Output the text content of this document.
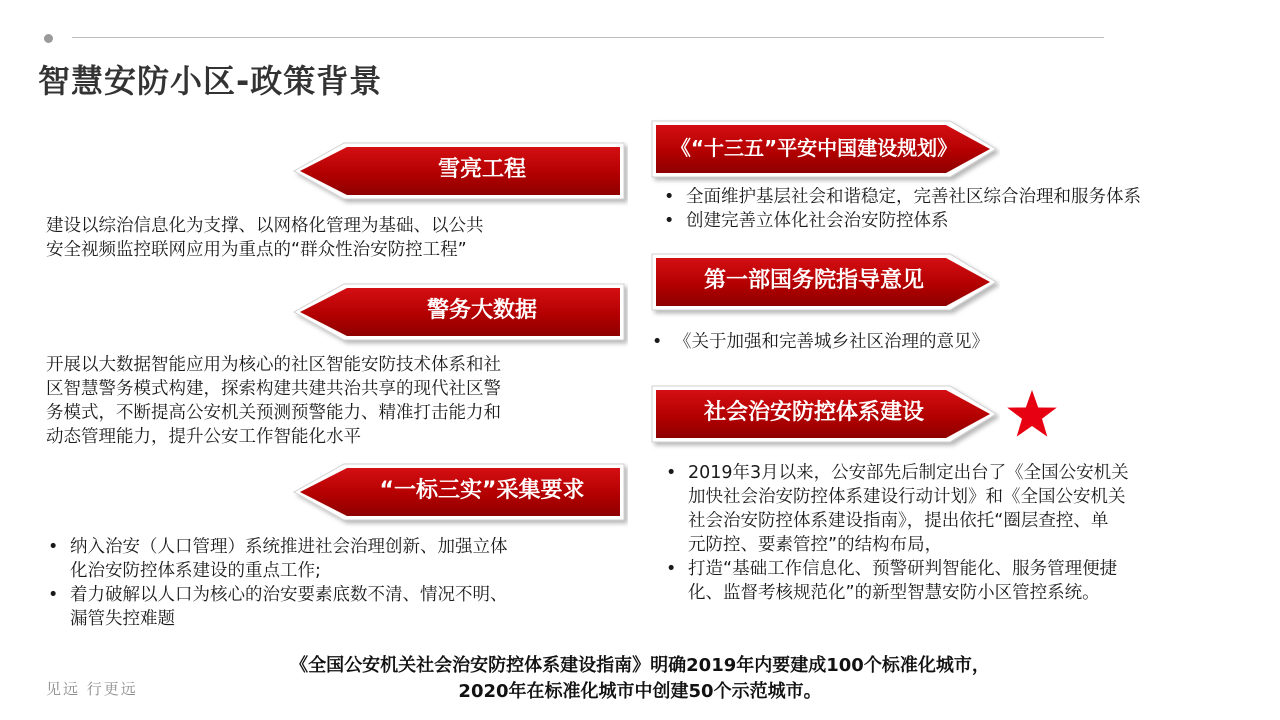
智慧安防小区-政策背景
雪亮工程

建设以综治信息化为支撑、以网格化管理为基础、以公共

安全视频监控联网应用为重点的“群众性治安防控工程”

警务大数据

开展以大数据智能应用为核心的社区智能安防技术体系和社

区智慧警务模式构建，探索构建共建共治共享的现代社区警

务模式，不断提高公安机关预测预警能力、精准打击能力和

动态管理能力，提升公安工作智能化水平

“一标三实”采集要求
• 纳入治安（人口管理）系统推进社会治理创新、加强立体
化治安防控体系建设的重点工作;
• 着力破解以人口为核心的治安要素底数不清、情况不明、
漏管失控难题
《“十三五”平安中国建设规划》
• 全面维护基层社会和谐稳定，完善社区综合治理和服务体系
• 创建完善立体化社会治安防控体系
第一部国务院指导意见
• 《关于加强和完善城乡社区治理的意见》
社会治安防控体系建设
• 2019年3月以来，公安部先后制定出台了《全国公安机关
加快社会治安防控体系建设行动计划》和《全国公安机关
社会治安防控体系建设指南》，提出依托“圈层查控、单
元防控、要素管控”的结构布局，
• 打造“基础工作信息化、预警研判智能化、服务管理便捷
化、监督考核规范化”的新型智慧安防小区管控系统。
《全国公安机关社会治安防控体系建设指南》明确2019年内要建成100个标准化城市，
2020年在标准化城市中创建50个示范城市。
见远 行更远
